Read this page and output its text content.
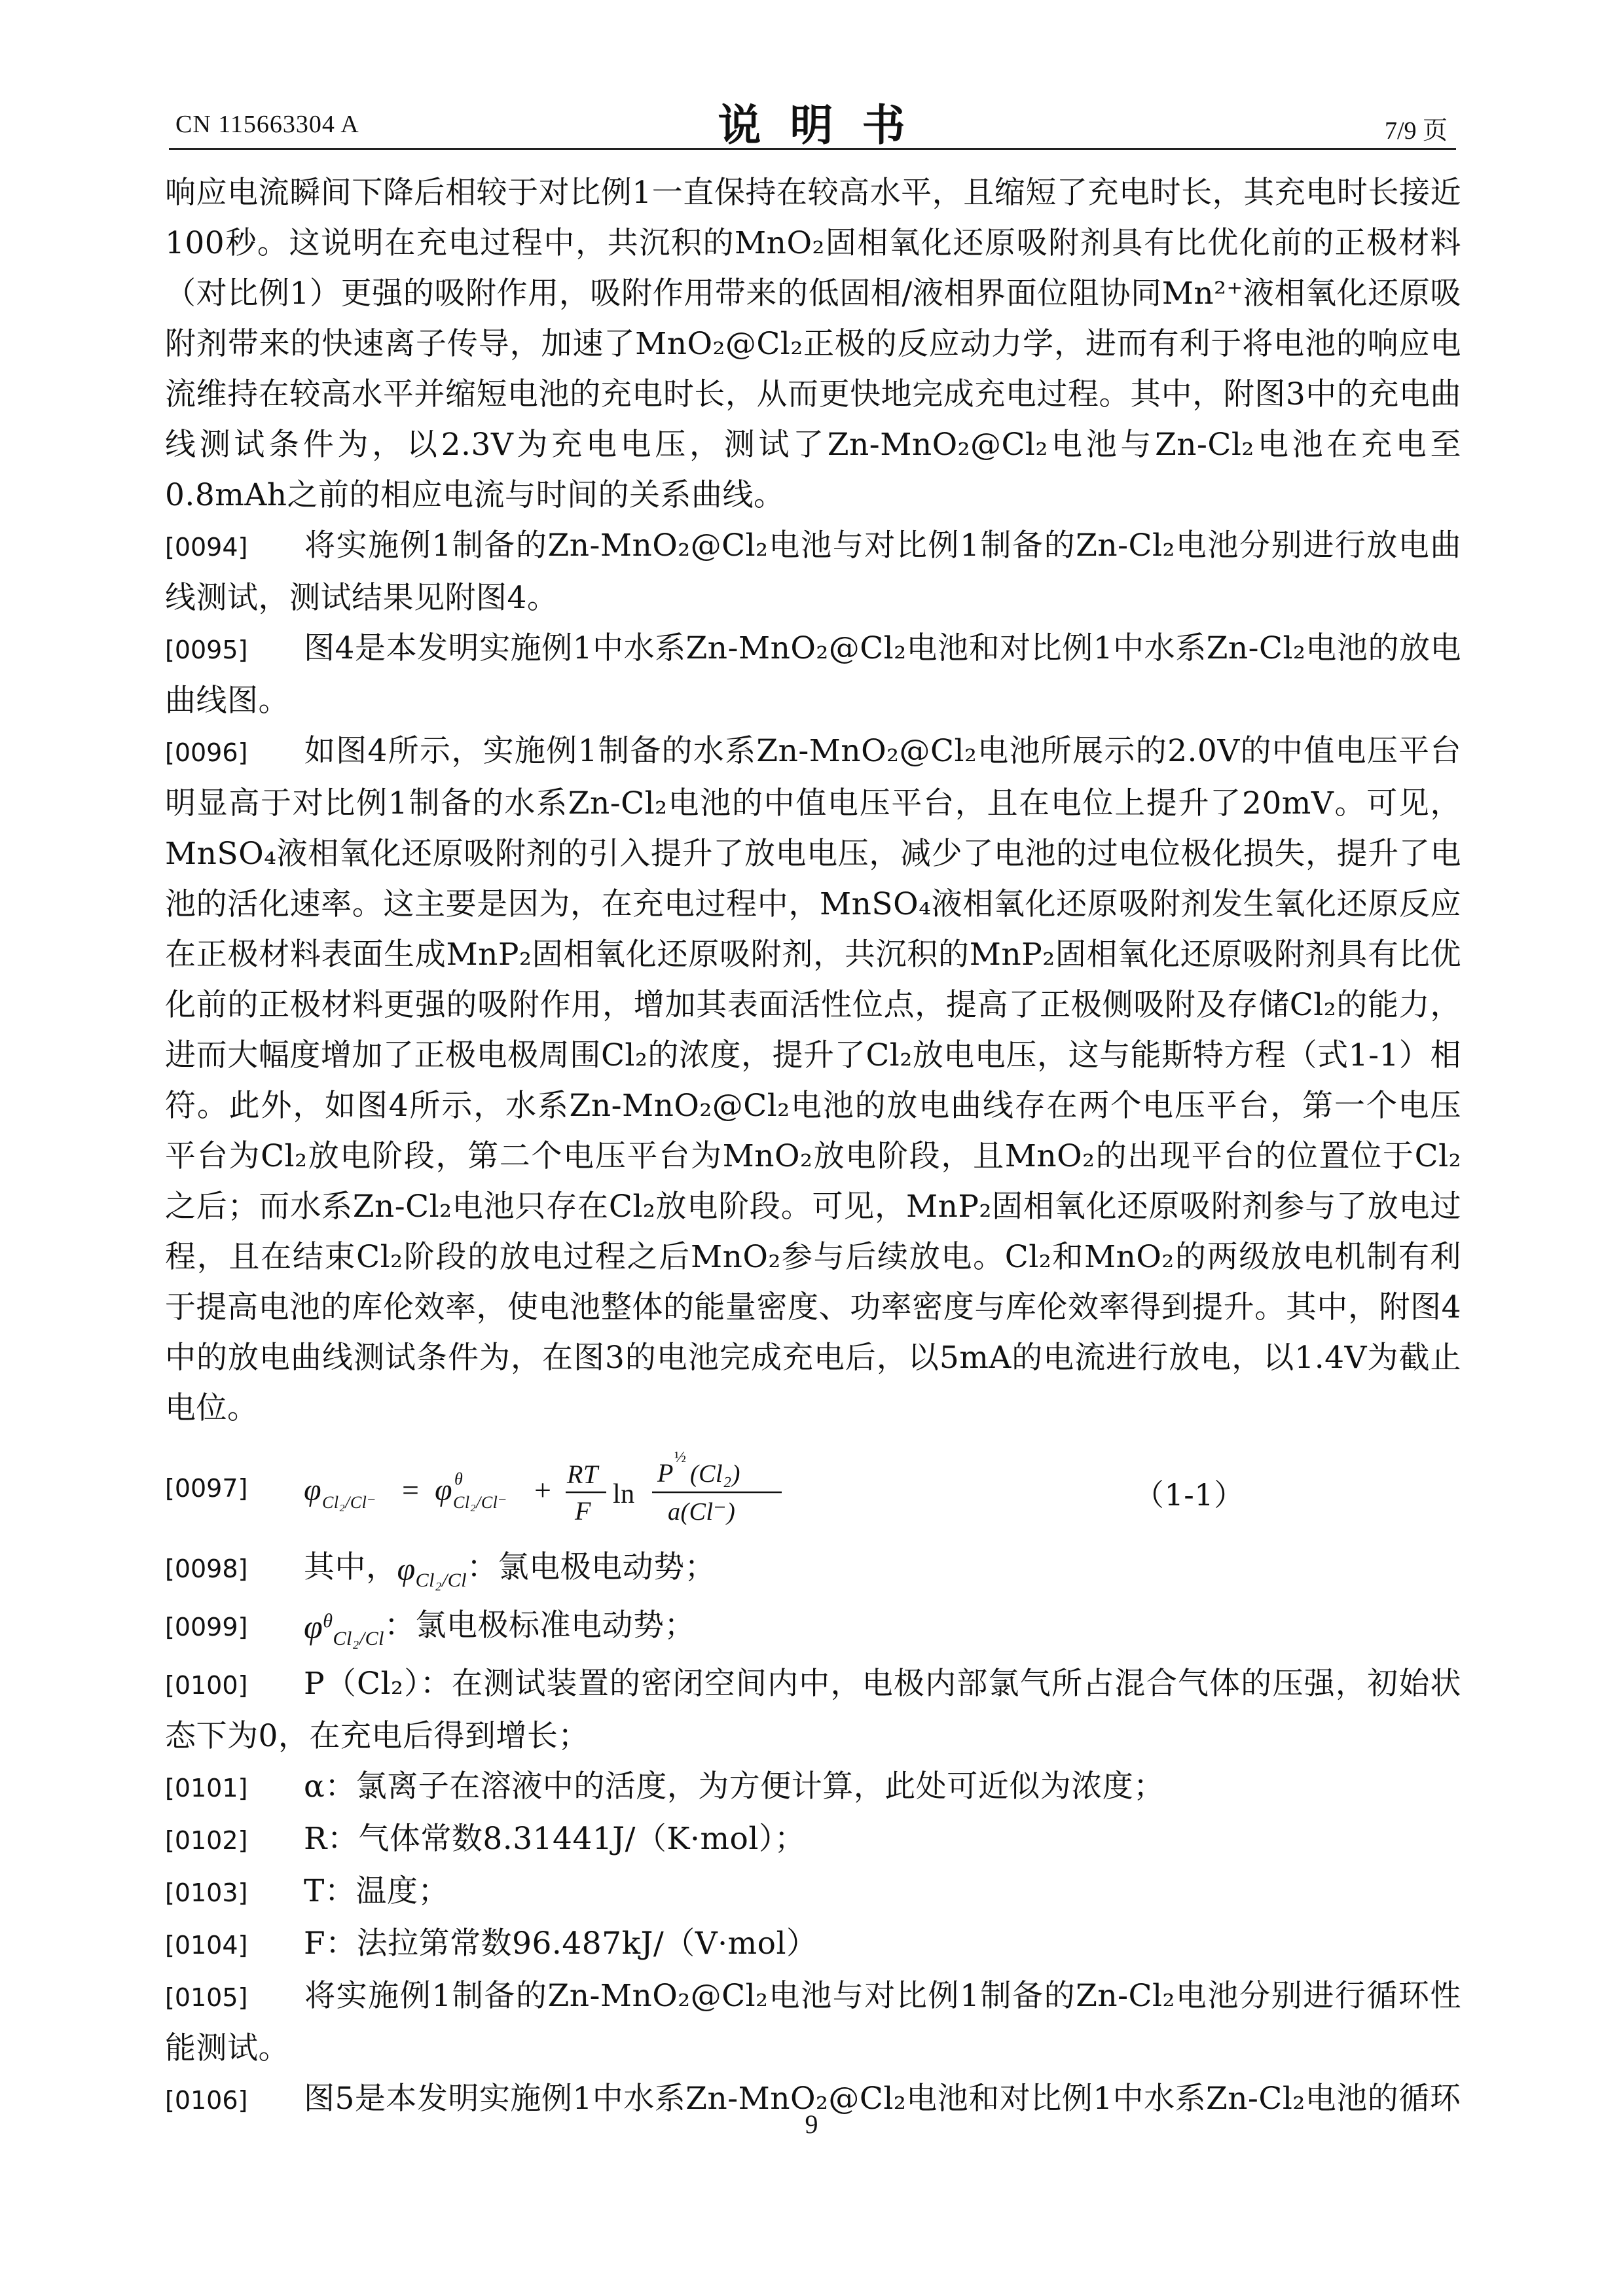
CN 115663304 A	说明书	7/9 页

响应电流瞬间下降后相较于对比例1一直保持在较高水平，且缩短了充电时长，其充电时长接近100秒。这说明在充电过程中，共沉积的MnO₂固相氧化还原吸附剂具有比优化前的正极材料（对比例1）更强的吸附作用，吸附作用带来的低固相/液相界面位阻协同Mn²⁺液相氧化还原吸附剂带来的快速离子传导，加速了MnO₂@Cl₂正极的反应动力学，进而有利于将电池的响应电流维持在较高水平并缩短电池的充电时长，从而更快地完成充电过程。其中，附图3中的充电曲线测试条件为，以2.3V为充电电压，测试了Zn-MnO₂@Cl₂电池与Zn-Cl₂电池在充电至0.8mAh之前的相应电流与时间的关系曲线。

[0094] 将实施例1制备的Zn-MnO₂@Cl₂电池与对比例1制备的Zn-Cl₂电池分别进行放电曲线测试，测试结果见附图4。

[0095] 图4是本发明实施例1中水系Zn-MnO₂@Cl₂电池和对比例1中水系Zn-Cl₂电池的放电曲线图。

[0096] 如图4所示，实施例1制备的水系Zn-MnO₂@Cl₂电池所展示的2.0V的中值电压平台明显高于对比例1制备的水系Zn-Cl₂电池的中值电压平台，且在电位上提升了20mV。可见，MnSO₄液相氧化还原吸附剂的引入提升了放电电压，减少了电池的过电位极化损失，提升了电池的活化速率。这主要是因为，在充电过程中，MnSO₄液相氧化还原吸附剂发生氧化还原反应在正极材料表面生成MnP₂固相氧化还原吸附剂，共沉积的MnP₂固相氧化还原吸附剂具有比优化前的正极材料更强的吸附作用，增加其表面活性位点，提高了正极侧吸附及存储Cl₂的能力，进而大幅度增加了正极电极周围Cl₂的浓度，提升了Cl₂放电电压，这与能斯特方程（式1-1）相符。此外，如图4所示，水系Zn-MnO₂@Cl₂电池的放电曲线存在两个电压平台，第一个电压平台为Cl₂放电阶段，第二个电压平台为MnO₂放电阶段，且MnO₂的出现平台的位置位于Cl₂之后；而水系Zn-Cl₂电池只存在Cl₂放电阶段。可见，MnP₂固相氧化还原吸附剂参与了放电过程，且在结束Cl₂阶段的放电过程之后MnO₂参与后续放电。Cl₂和MnO₂的两级放电机制有利于提高电池的库伦效率，使电池整体的能量密度、功率密度与库伦效率得到提升。其中，附图4中的放电曲线测试条件为，在图3的电池完成充电后，以5mA的电流进行放电，以1.4V为截止电位。

[0097]	φ Cl₂/Cl⁻ = φ θ
Cl₂/Cl⁻ + RT
F
ln
P
½
(Cl₂)
a(Cl⁻)	（1-1）

[0098] 其中，$\varphi_{Cl_2/Cl}$：氯电极电动势；

[0099] $\varphi^\theta_{Cl_2/Cl}$：氯电极标准电动势；

[0100] P（Cl₂）：在测试装置的密闭空间内中，电极内部氯气所占混合气体的压强，初始状态下为0，在充电后得到增长；

[0101] α：氯离子在溶液中的活度，为方便计算，此处可近似为浓度；

[0102] R：气体常数8.31441J/（K·mol）；

[0103] T：温度；

[0104] F：法拉第常数96.487kJ/（V·mol）

[0105] 将实施例1制备的Zn-MnO₂@Cl₂电池与对比例1制备的Zn-Cl₂电池分别进行循环性能测试。

[0106] 图5是本发明实施例1中水系Zn-MnO₂@Cl₂电池和对比例1中水系Zn-Cl₂电池的循环

9
